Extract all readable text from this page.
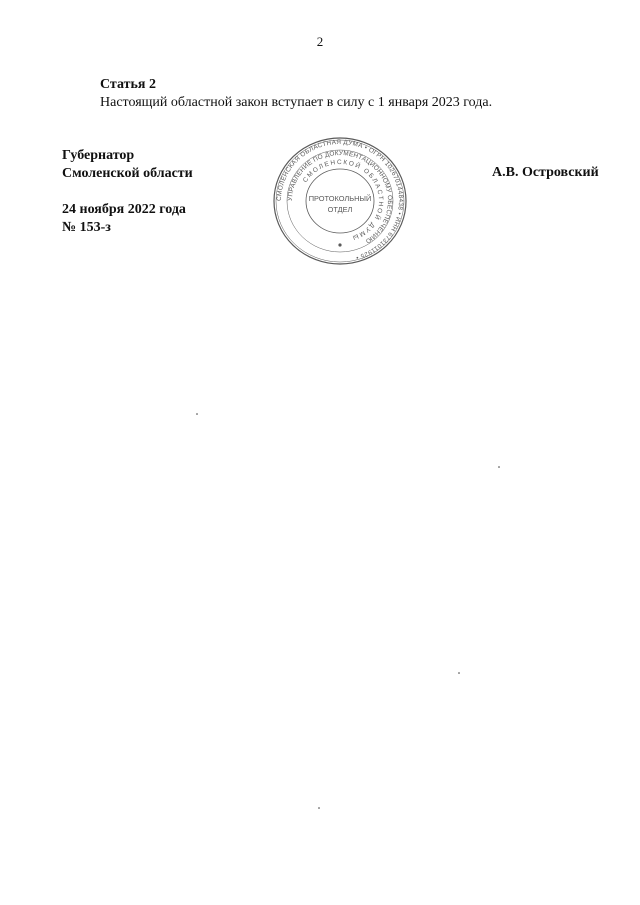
2
Статья 2
Настоящий областной закон вступает в силу с 1 января 2023 года.
Губернатор
Смоленской области
24 ноября 2022 года
№ 153-з
А.В. Островский
СМОЛЕНСКАЯ ОБЛАСТНАЯ ДУМА • ОГРН 1026701448438 • ИНН 6731011925 •
УПРАВЛЕНИЕ ПО ДОКУМЕНТАЦИОННОМУ ОБЕСПЕЧЕНИЮ
СМОЛЕНСКОЙ ОБЛАСТНОЙ ДУМЫ
ПРОТОКОЛЬНЫЙ
ОТДЕЛ
